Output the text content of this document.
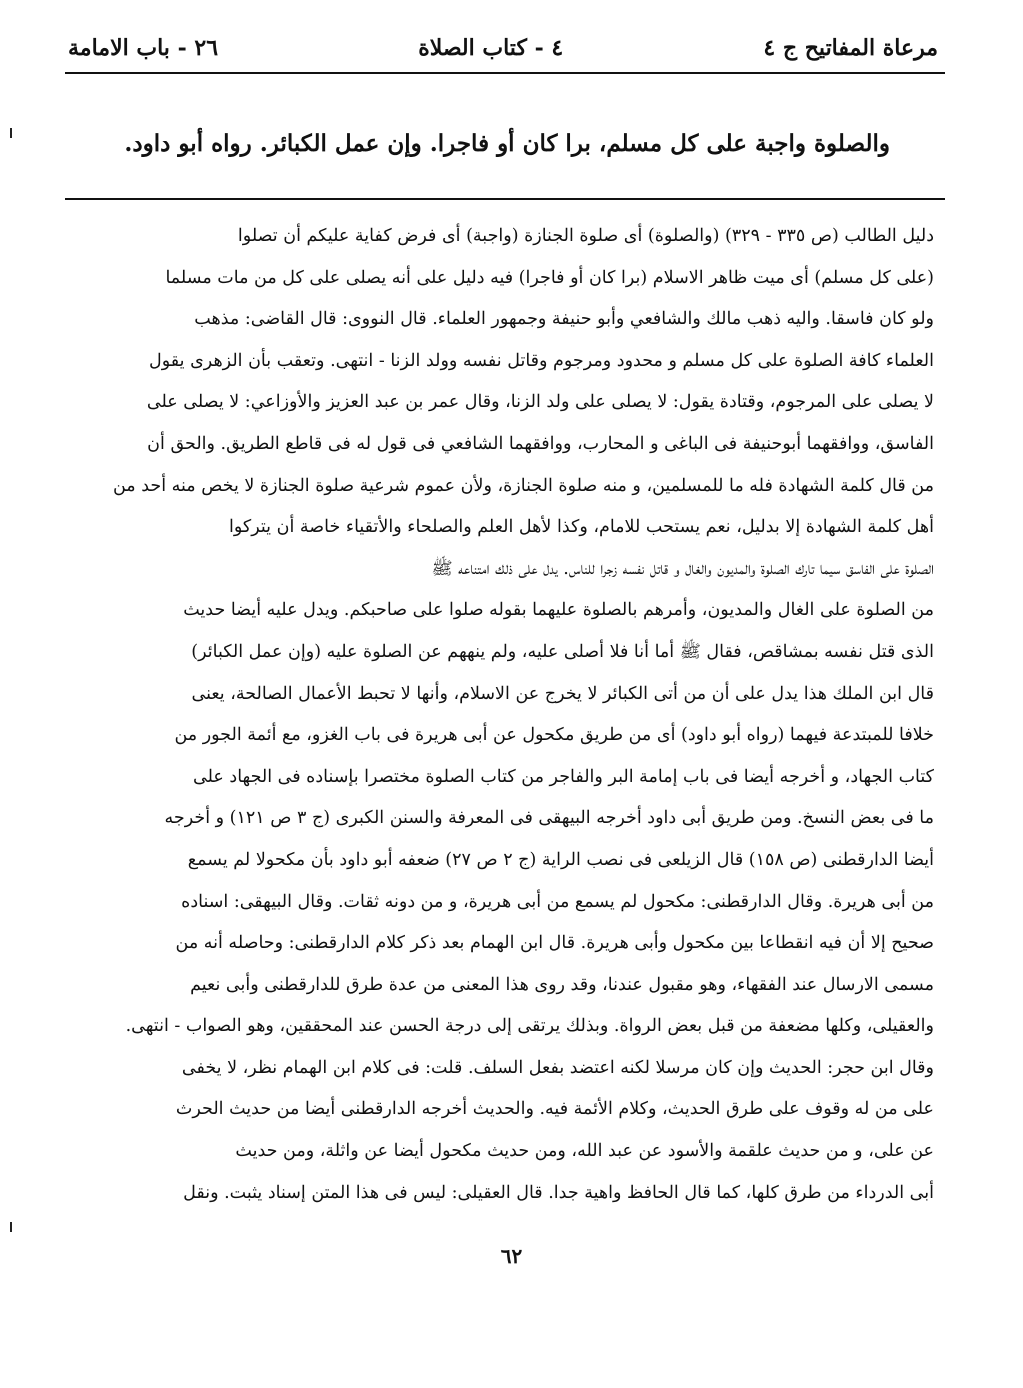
مرعاة المفاتيح ج ٤
٤ - كتاب الصلاة
٢٦ - باب الامامة
والصلوة واجبة على كل مسلم، برا كان أو فاجرا. وإن عمل الكبائر. رواه أبو داود.
دليل الطالب (ص ٣٣٥ - ٣٢٩) (والصلوة) أى صلوة الجنازة (واجبة) أى فرض كفاية عليكم أن تصلوا
(على كل مسلم) أى ميت ظاهر الاسلام (برا كان أو فاجرا) فيه دليل على أنه يصلى على كل من مات مسلما
ولو كان فاسقا. واليه ذهب مالك والشافعي وأبو حنيفة وجمهور العلماء. قال النووى: قال القاضى: مذهب
العلماء كافة الصلوة على كل مسلم و محدود ومرجوم وقاتل نفسه وولد الزنا - انتهى. وتعقب بأن الزهرى يقول
لا يصلى على المرجوم، وقتادة يقول: لا يصلى على ولد الزنا، وقال عمر بن عبد العزيز والأوزاعي: لا يصلى على
الفاسق، ووافقهما أبوحنيفة فى الباغى و المحارب، ووافقهما الشافعي فى قول له فى قاطع الطريق. والحق أن
من قال كلمة الشهادة فله ما للمسلمين، و منه صلوة الجنازة، ولأن عموم شرعية صلوة الجنازة لا يخص منه أحد من
أهل كلمة الشهادة إلا بدليل، نعم يستحب للامام، وكذا لأهل العلم والصلحاء والأتقياء خاصة أن يتركوا
الصلوة على الفاسق سيما تارك الصلوة والمديون والغال و قاتل نفسه زجرا للناس. يدل على ذلك امتناعه ﷺ
من الصلوة على الغال والمديون، وأمرهم بالصلوة عليهما بقوله صلوا على صاحبكم. ويدل عليه أيضا حديث
الذى قتل نفسه بمشاقص، فقال ﷺ أما أنا فلا أصلى عليه، ولم ينههم عن الصلوة عليه (وإن عمل الكبائر)
قال ابن الملك هذا يدل على أن من أتى الكبائر لا يخرج عن الاسلام، وأنها لا تحبط الأعمال الصالحة، يعنى
خلافا للمبتدعة فيهما (رواه أبو داود) أى من طريق مكحول عن أبى هريرة فى باب الغزو، مع أئمة الجور من
كتاب الجهاد، و أخرجه أيضا فى باب إمامة البر والفاجر من كتاب الصلوة مختصرا بإسناده فى الجهاد على
ما فى بعض النسخ. ومن طريق أبى داود أخرجه البيهقى فى المعرفة والسنن الكبرى (ج ٣ ص ١٢١) و أخرجه
أيضا الدارقطنى (ص ١٥٨) قال الزيلعى فى نصب الراية (ج ٢ ص ٢٧) ضعفه أبو داود بأن مكحولا لم يسمع
من أبى هريرة. وقال الدارقطنى: مكحول لم يسمع من أبى هريرة، و من دونه ثقات. وقال البيهقى: اسناده
صحيح إلا أن فيه انقطاعا بين مكحول وأبى هريرة. قال ابن الهمام بعد ذكر كلام الدارقطنى: وحاصله أنه من
مسمى الارسال عند الفقهاء، وهو مقبول عندنا، وقد روى هذا المعنى من عدة طرق للدارقطنى وأبى نعيم
والعقيلى، وكلها مضعفة من قبل بعض الرواة. وبذلك يرتقى إلى درجة الحسن عند المحققين، وهو الصواب - انتهى.
وقال ابن حجر: الحديث وإن كان مرسلا لكنه اعتضد بفعل السلف. قلت: فى كلام ابن الهمام نظر، لا يخفى
على من له وقوف على طرق الحديث، وكلام الأئمة فيه. والحديث أخرجه الدارقطنى أيضا من حديث الحرث
عن على، و من حديث علقمة والأسود عن عبد الله، ومن حديث مكحول أيضا عن واثلة، ومن حديث
أبى الدرداء من طرق كلها، كما قال الحافظ واهية جدا. قال العقيلى: ليس فى هذا المتن إسناد يثبت. ونقل
٦٢
